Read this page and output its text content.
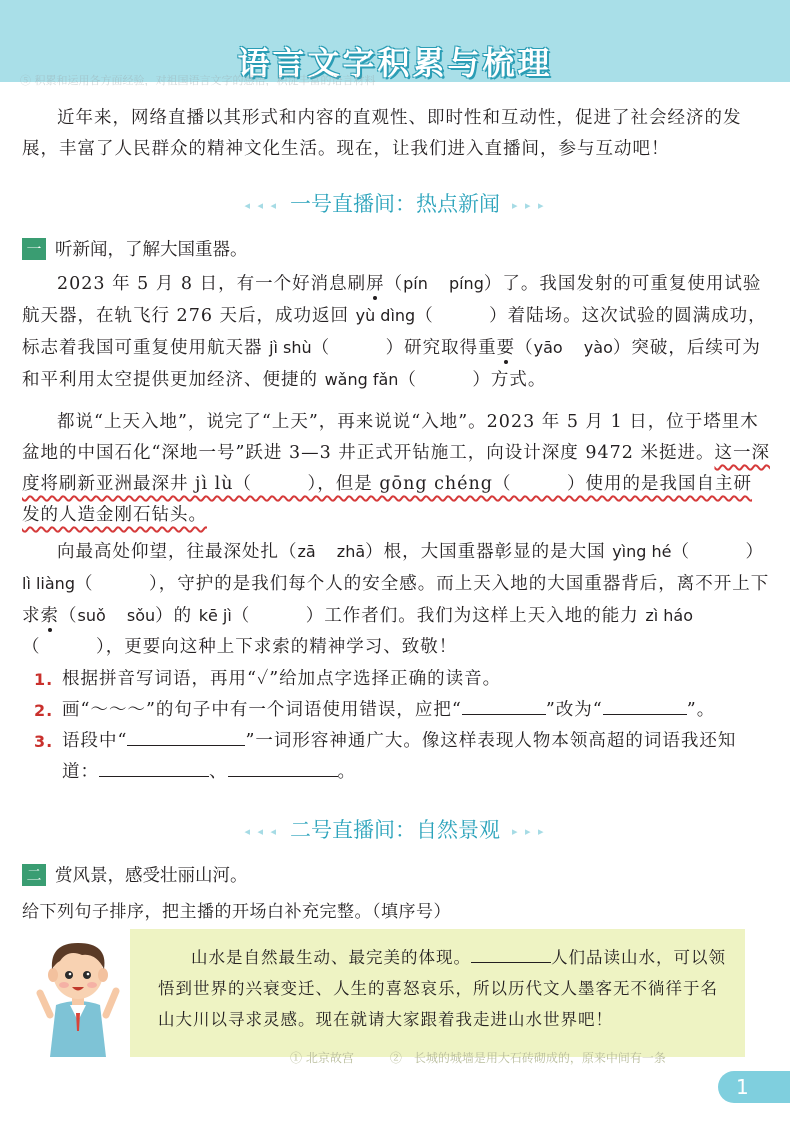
语言文字积累与梳理
⑤ 积累和运用各方面经验，对祖国语言文字的感悟，积淀丰富的语言材料
近年来，网络直播以其形式和内容的直观性、即时性和互动性，促进了社会经济的发展，丰富了人民群众的精神文化生活。现在，让我们进入直播间，参与互动吧！
◂ ◂ ◂ 一号直播间：热点新闻 ▸ ▸ ▸
一 听新闻，了解大国重器。
2023 年 5 月 8 日，有一个好消息刷屏（pín　 píng）了。我国发射的可重复使用试验航天器，在轨飞行 276 天后，成功返回 yù dìng（　　　）着陆场。这次试验的圆满成功，标志着我国可重复使用航天器 jì shù（　　　）研究取得重要（yāo　 yào）突破，后续可为和平利用太空提供更加经济、便捷的 wǎng fǎn（　　　）方式。
都说“上天入地”，说完了“上天”，再来说说“入地”。2023 年 5 月 1 日，位于塔里木盆地的中国石化“深地一号”跃进 3—3 井正式开钻施工，向设计深度 9472 米挺进。这一深度将刷新亚洲最深井 jì lù（　　　），但是 gōng chéng（　　　）使用的是我国自主研发的人造金刚石钻头。
向最高处仰望，往最深处扎（zā　 zhā）根，大国重器彰显的是大国 yìng hé（　　　）lì liàng（　　　），守护的是我们每个人的安全感。而上天入地的大国重器背后，离不开上下求索（suǒ　 sǒu）的 kē jì（　　　）工作者们。我们为这样上天入地的能力 zì háo（　　　），更要向这种上下求索的精神学习、致敬！
1. 根据拼音写词语，再用“✓”给加点字选择正确的读音。
2. 画“～～～”的句子中有一个词语使用错误，应把“	”改为“	”。
3. 语段中“	”一词形容神通广大。像这样表现人物本领高超的词语我还知道：	、	。
◂ ◂ ◂ 二号直播间：自然景观 ▸ ▸ ▸
二 赏风景，感受壮丽山河。
给下列句子排序，把主播的开场白补充完整。（填序号）
① 北京故宫　　　②　长城的城墙是用大石砖砌成的，原来中间有一条
山水是自然最生动、最完美的体现。	人们品读山水，可以领悟到世界的兴衰变迁、人生的喜怒哀乐，所以历代文人墨客无不徜徉于名山大川以寻求灵感。现在就请大家跟着我走进山水世界吧！
1
